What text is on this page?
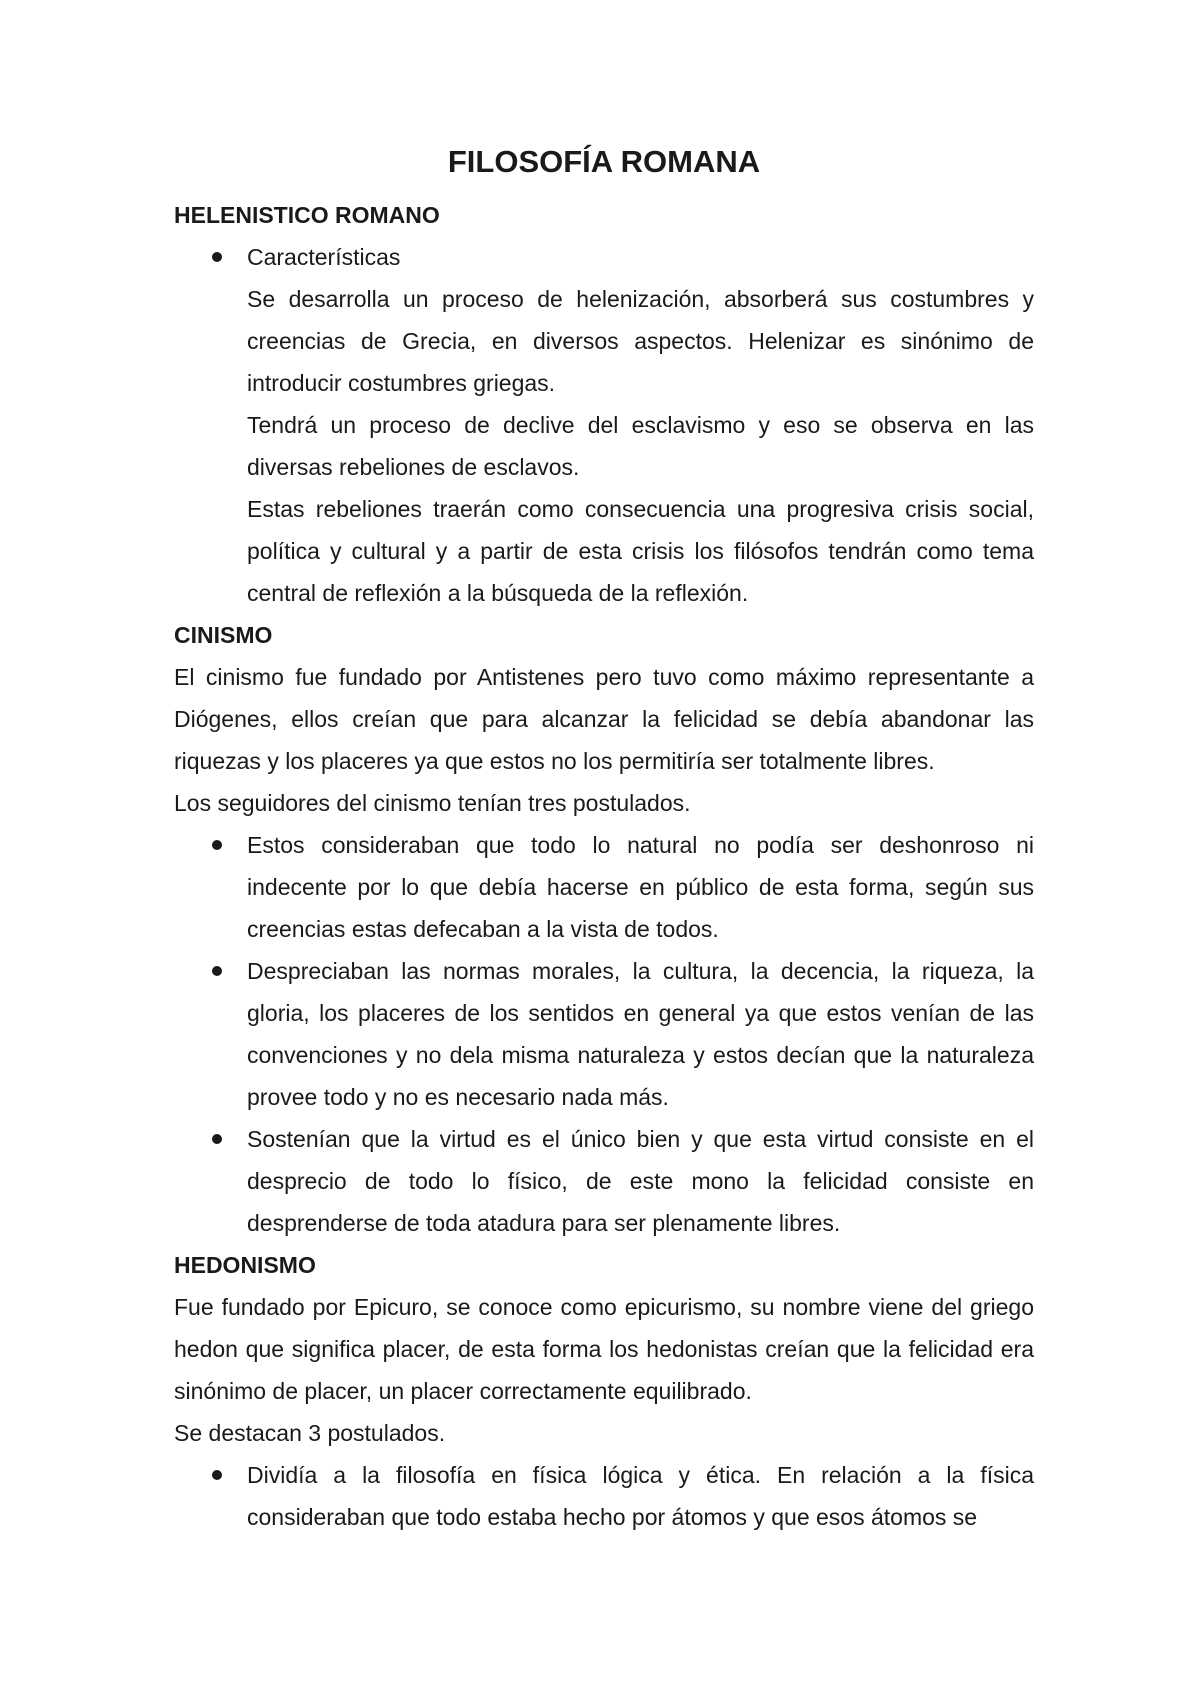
FILOSOFÍA ROMANA
HELENISTICO ROMANO
Características
Se desarrolla un proceso de helenización, absorberá sus costumbres y creencias de Grecia, en diversos aspectos. Helenizar es sinónimo de introducir costumbres griegas.
Tendrá un proceso de declive del esclavismo y eso se observa en las diversas rebeliones de esclavos.
Estas rebeliones traerán como consecuencia una progresiva crisis social, política y cultural y a partir de esta crisis los filósofos tendrán como tema central de reflexión a la búsqueda de la reflexión.
CINISMO
El cinismo fue fundado por Antistenes pero tuvo como máximo representante a Diógenes, ellos creían que para alcanzar la felicidad se debía abandonar las riquezas y los placeres ya que estos no los permitiría ser totalmente libres.
Los seguidores del cinismo tenían tres postulados.
Estos consideraban que todo lo natural no podía ser deshonroso ni indecente por lo que debía hacerse en público de esta forma, según sus creencias estas defecaban a la vista de todos.
Despreciaban las normas morales, la cultura, la decencia, la riqueza, la gloria, los placeres de los sentidos en general ya que estos venían de las convenciones y no dela misma naturaleza y estos decían que la naturaleza provee todo y no es necesario nada más.
Sostenían que la virtud es el único bien y que esta virtud consiste en el desprecio de todo lo físico, de este mono la felicidad consiste en desprenderse de toda atadura para ser plenamente libres.
HEDONISMO
Fue fundado por Epicuro, se conoce como epicurismo, su nombre viene del griego hedon que significa placer, de esta forma los hedonistas creían que la felicidad era sinónimo de placer, un placer correctamente equilibrado.
Se destacan 3 postulados.
Dividía a la filosofía en física lógica y ética. En relación a la física consideraban que todo estaba hecho por átomos y que esos átomos se
